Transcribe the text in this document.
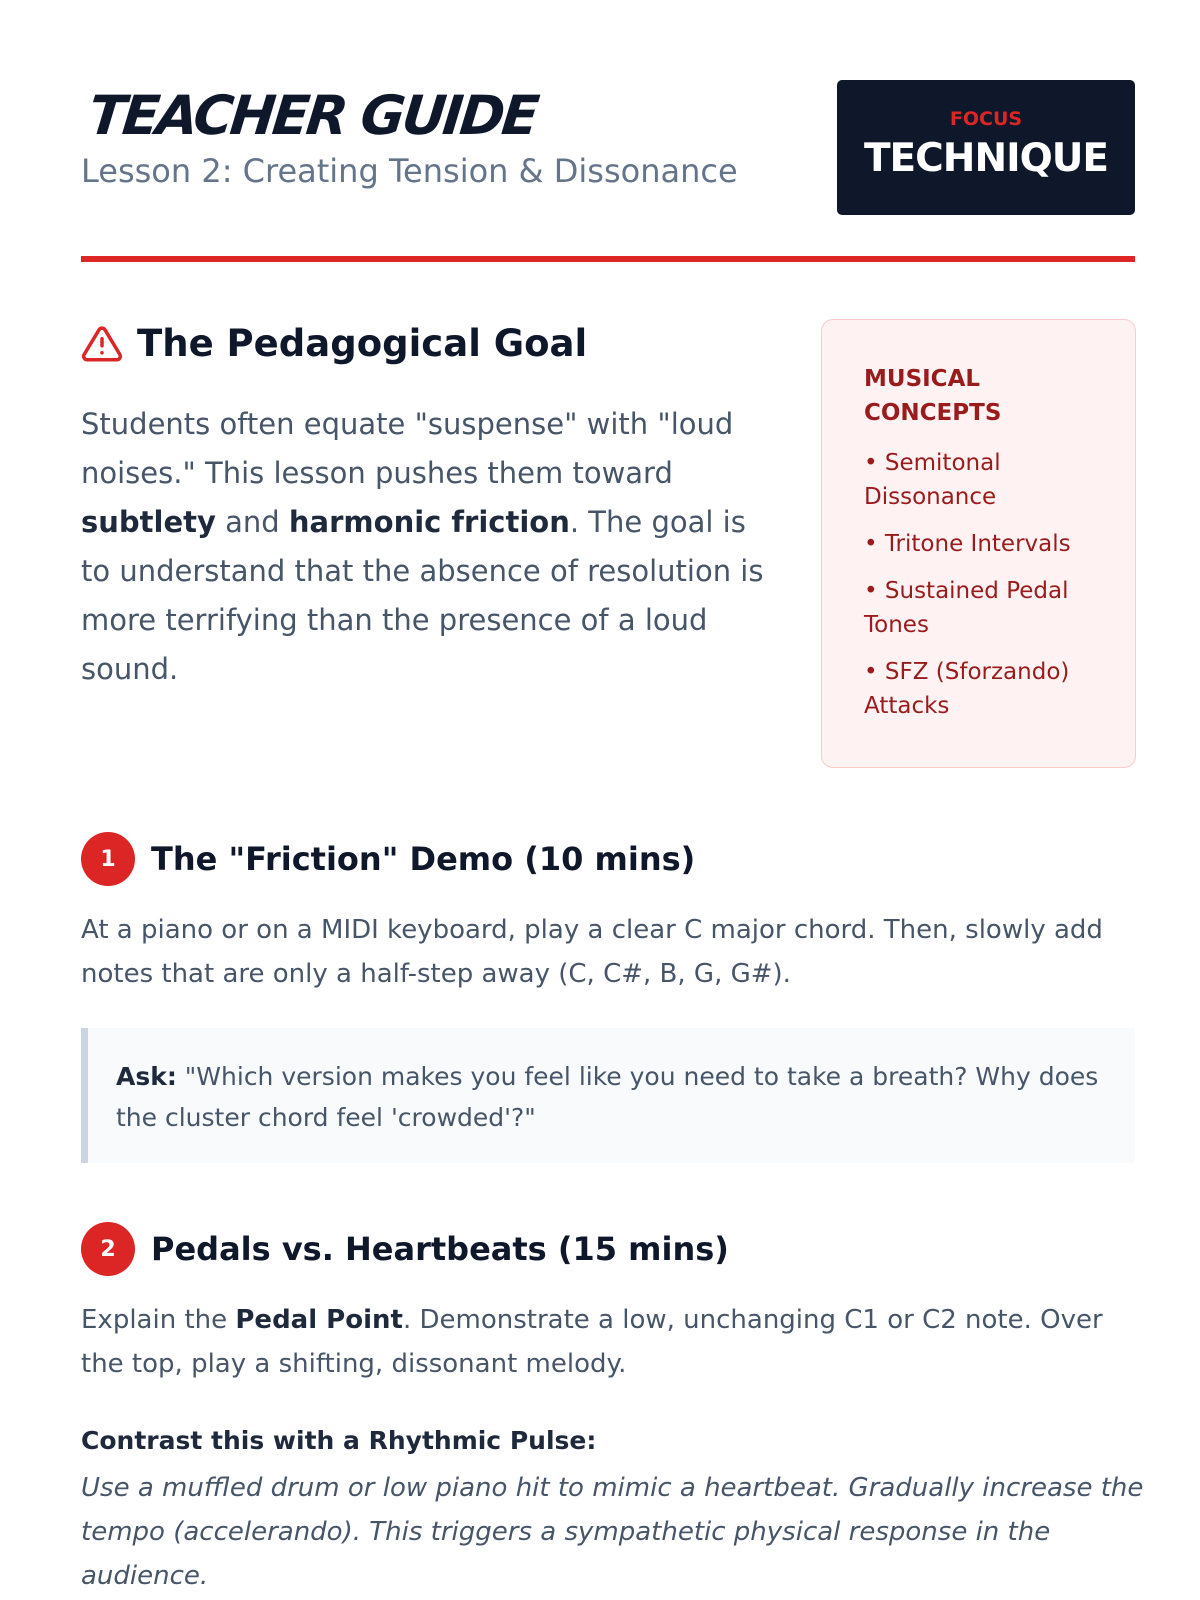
TEACHER GUIDE
Lesson 2: Creating Tension & Dissonance
FOCUS
TECHNIQUE
The Pedagogical Goal

Students often equate "suspense" with "loud noises." This lesson pushes them toward subtlety and harmonic friction. The goal is to understand that the absence of resolution is more terrifying than the presence of a loud sound.

MUSICAL CONCEPTS
• Semitonal Dissonance
• Tritone Intervals
• Sustained Pedal Tones
• SFZ (Sforzando) Attacks
1	The "Friction" Demo (10 mins)

At a piano or on a MIDI keyboard, play a clear C major chord. Then, slowly add notes that are only a half-step away (C, C#, B, G, G#).

Ask: "Which version makes you feel like you need to take a breath? Why does the cluster chord feel 'crowded'?"

2	Pedals vs. Heartbeats (15 mins)

Explain the Pedal Point. Demonstrate a low, unchanging C1 or C2 note. Over the top, play a shifting, dissonant melody.

Contrast this with a Rhythmic Pulse:

Use a muffled drum or low piano hit to mimic a heartbeat. Gradually increase the tempo (accelerando). This triggers a sympathetic physical response in the audience.
